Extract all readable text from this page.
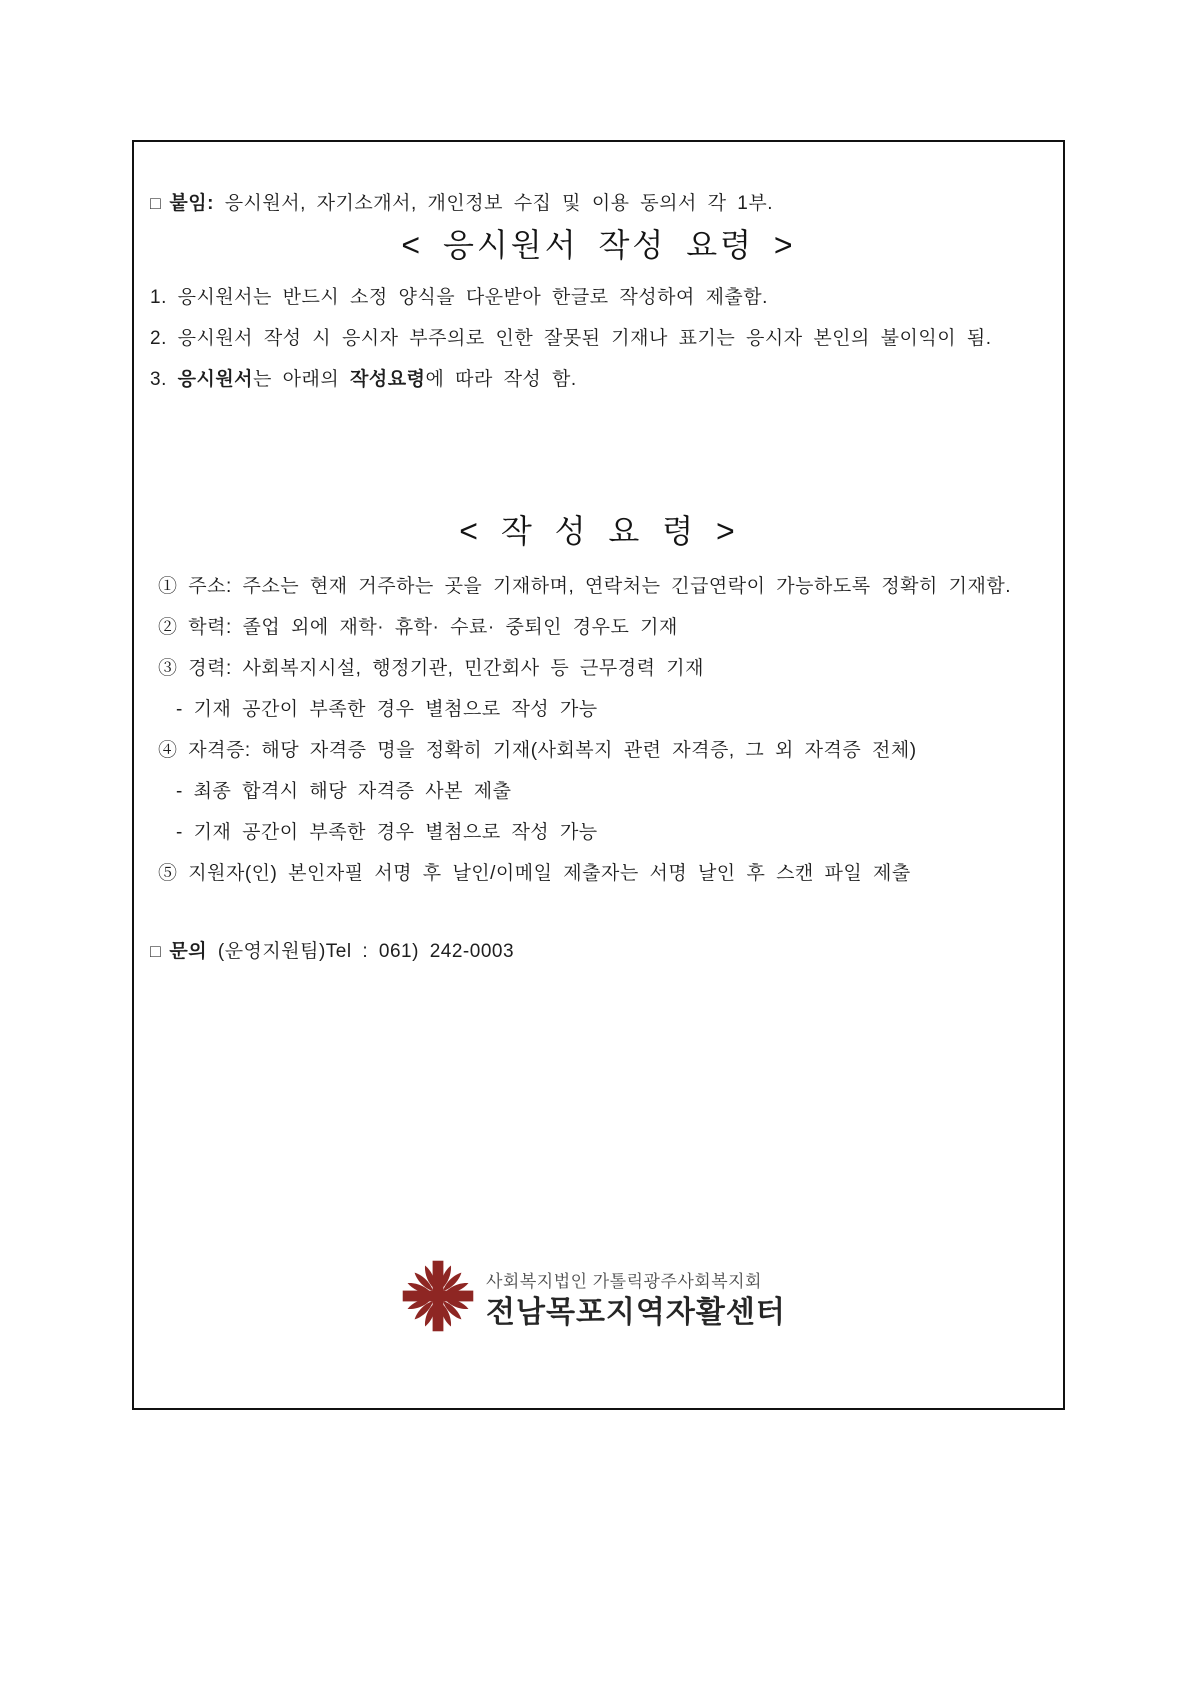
□ 붙임: 응시원서, 자기소개서, 개인정보 수집 및 이용 동의서 각 1부.
< 응시원서 작성 요령 >
1. 응시원서는 반드시 소정 양식을 다운받아 한글로 작성하여 제출함.
2. 응시원서 작성 시 응시자 부주의로 인한 잘못된 기재나 표기는 응시자 본인의 불이익이 됨.
3. 응시원서는 아래의 작성요령에 따라 작성 함.
< 작 성 요 령 >
① 주소: 주소는 현재 거주하는 곳을 기재하며, 연락처는 긴급연락이 가능하도록 정확히 기재함.
② 학력: 졸업 외에 재학· 휴학· 수료· 중퇴인 경우도 기재
③ 경력: 사회복지시설, 행정기관, 민간회사 등 근무경력 기재
- 기재 공간이 부족한 경우 별첨으로 작성 가능
④ 자격증: 해당 자격증 명을 정확히 기재(사회복지 관련 자격증, 그 외 자격증 전체)
- 최종 합격시 해당 자격증 사본 제출
- 기재 공간이 부족한 경우 별첨으로 작성 가능
⑤ 지원자(인) 본인자필 서명 후 날인/이메일 제출자는 서명 날인 후 스캔 파일 제출
□ 문의 (운영지원팀)Tel : 061) 242-0003
사회복지법인 가톨릭광주사회복지회
전남목포지역자활센터
